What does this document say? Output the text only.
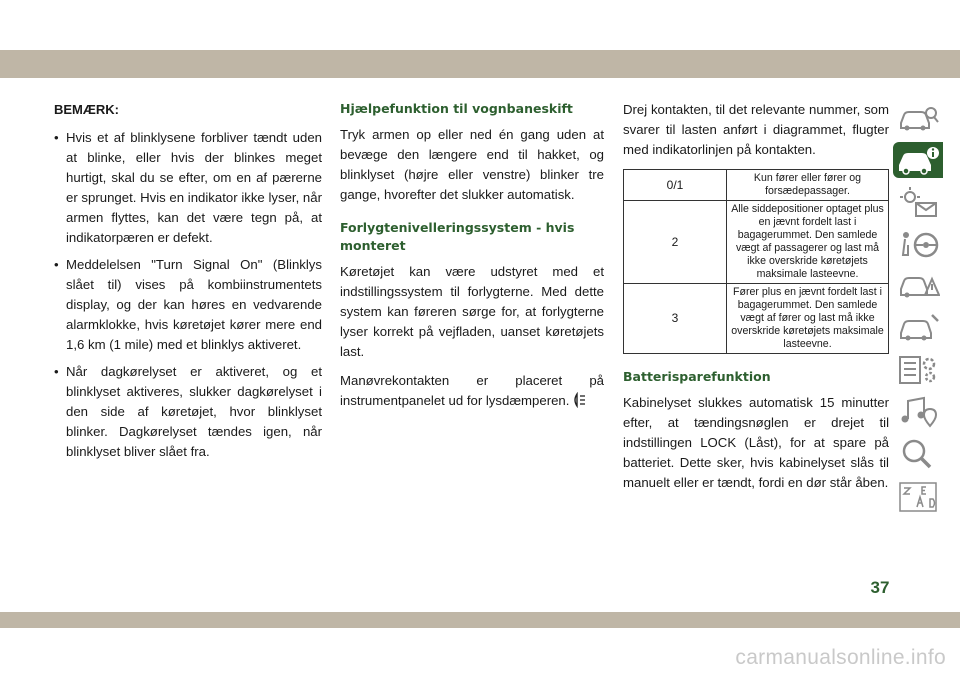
BEMÆRK:
• Hvis et af blinklysene forbliver tændt uden at blinke, eller hvis der blinkes meget hurtigt, skal du se efter, om en af pærerne er sprunget. Hvis en indikator ikke lyser, når armen flyttes, kan det være tegn på, at indikatorpæren er defekt.
• Meddelelsen "Turn Signal On" (Blinklys slået til) vises på kombiinstrumentets display, og der kan høres en vedvarende alarmklokke, hvis køretøjet kører mere end 1,6 km (1 mile) med et blinklys aktiveret.
• Når dagkørelyset er aktiveret, og et blinklyset aktiveres, slukker dagkørelyset i den side af køretøjet, hvor blinklyset blinker. Dagkørelyset tændes igen, når blinklyset bliver slået fra.
Hjælpefunktion til vognbaneskift

Tryk armen op eller ned én gang uden at bevæge den længere end til hakket, og blinklyset (højre eller venstre) blinker tre gange, hvorefter det slukker automatisk.

Forlygtenivelleringssystem - hvis monteret

Køretøjet kan være udstyret med et indstillingssystem til forlygterne. Med dette system kan føreren sørge for, at forlygterne lyser korrekt på vejfladen, uanset køretøjets last.

Manøvrekontakten er placeret på instrumentpanelet ud for lysdæmperen.

Drej kontakten, til det relevante nummer, som svarer til lasten anført i diagrammet, flugter med indikatorlinjen på kontakten.

0/1	Kun fører eller fører og forsædepassager.
2	Alle siddepositioner optaget plus en jævnt fordelt last i bagagerummet. Den samlede vægt af passagerer og last må ikke overskride køretøjets maksimale lasteevne.
3	Fører plus en jævnt fordelt last i bagagerummet. Den samlede vægt af fører og last må ikke overskride køretøjets maksimale lasteevne.
Batterisparefunktion

Kabinelyset slukkes automatisk 15 minutter efter, at tændingsnøglen er drejet til indstillingen LOCK (Låst), for at spare på batteriet. Dette sker, hvis kabinelyset slås til manuelt eller er tændt, fordi en dør står åben.

37
carmanualsonline.info
